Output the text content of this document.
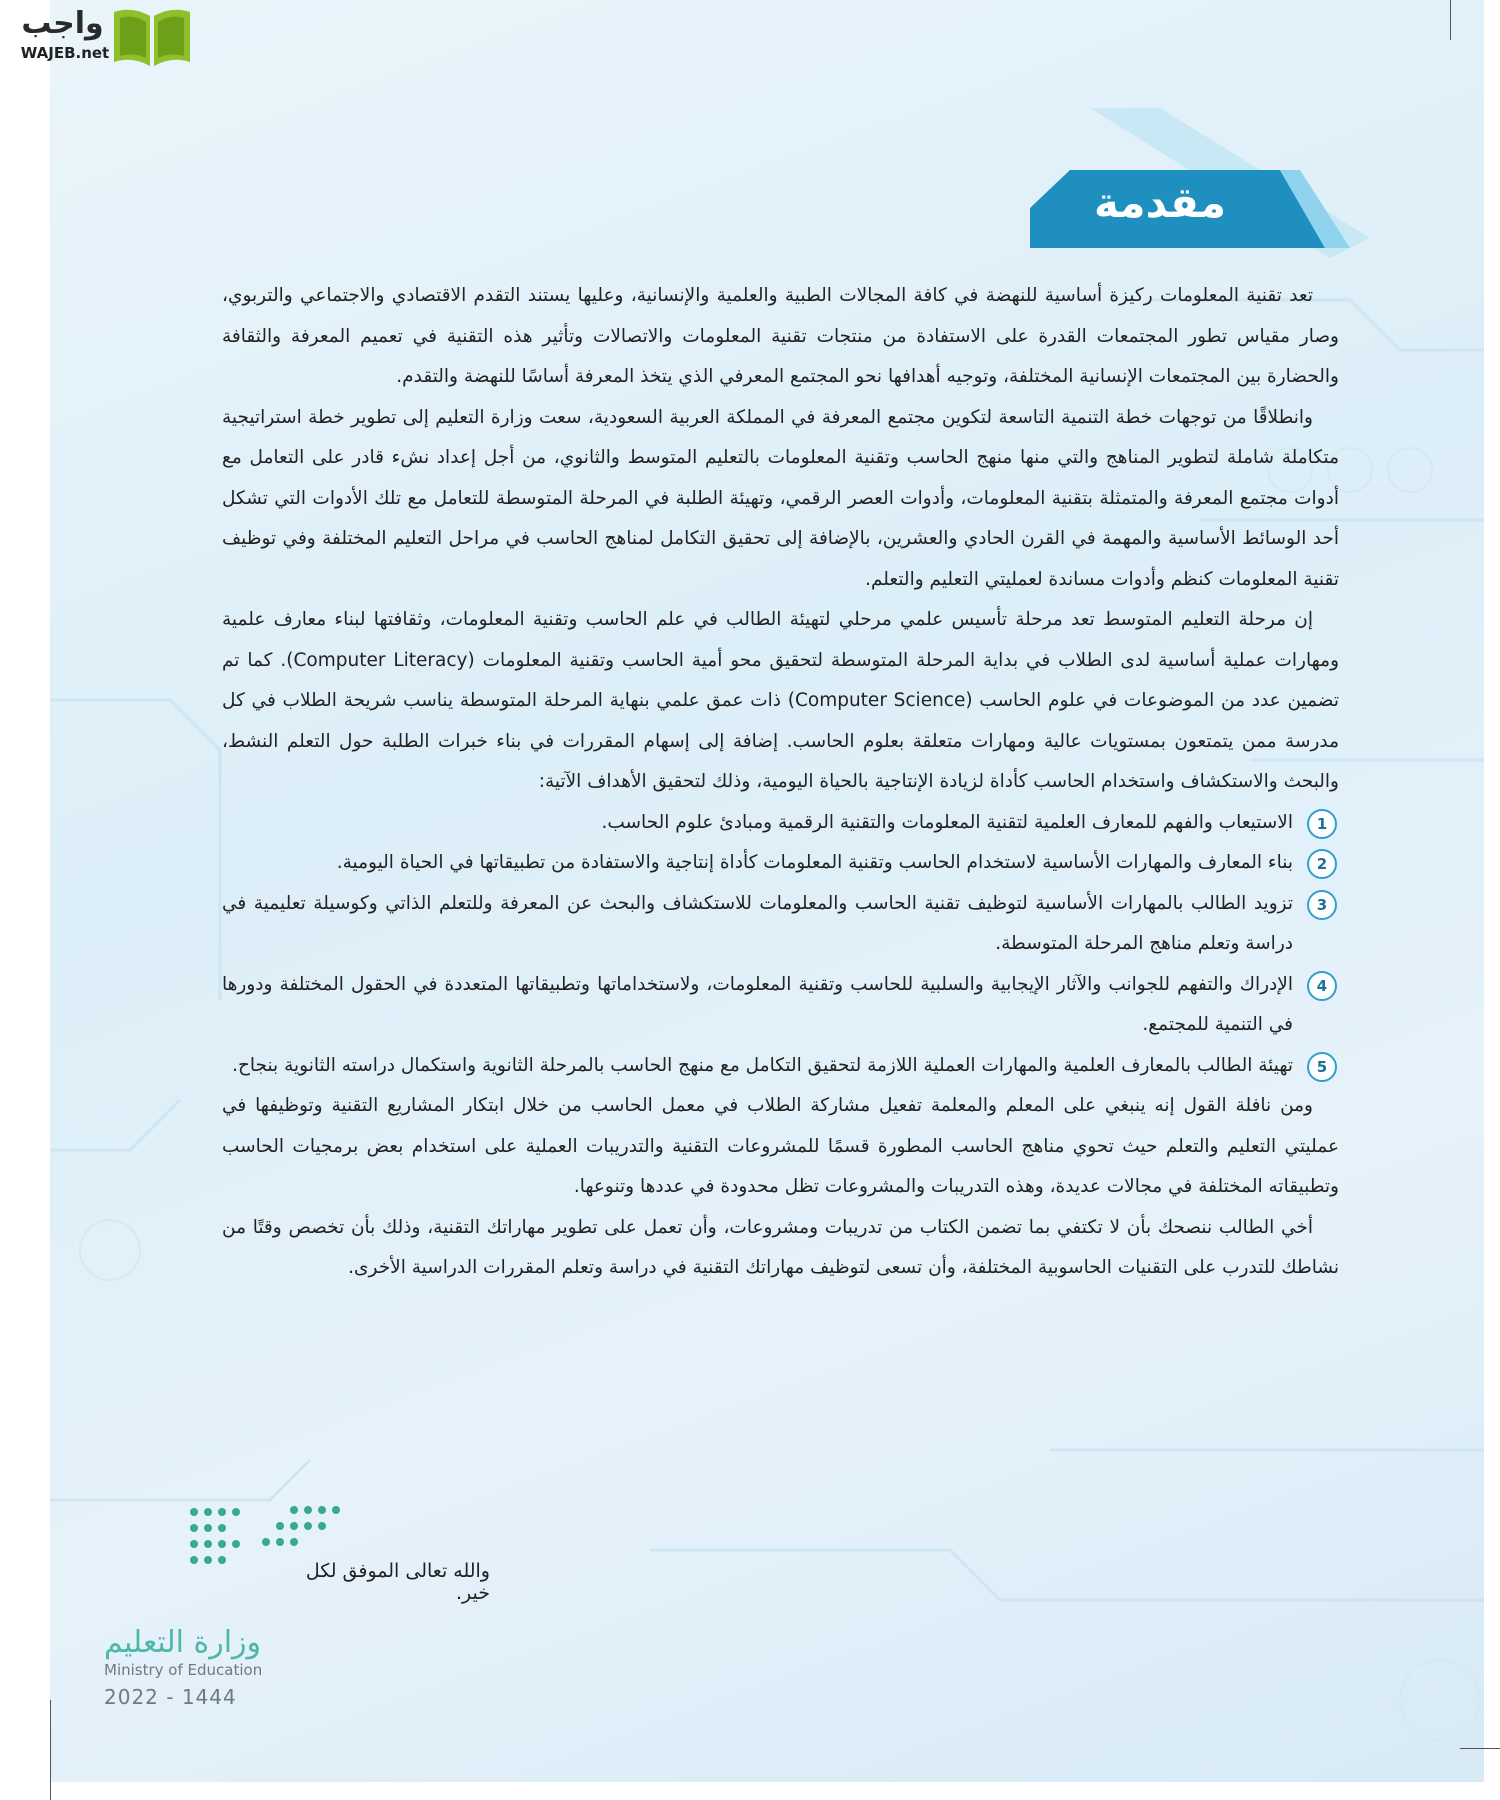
واجب
WAJEB.net
مقدمة

تعد تقنية المعلومات ركيزة أساسية للنهضة في كافة المجالات الطبية والعلمية والإنسانية، وعليها يستند التقدم الاقتصادي والاجتماعي والتربوي، وصار مقياس تطور المجتمعات القدرة على الاستفادة من منتجات تقنية المعلومات والاتصالات وتأثير هذه التقنية في تعميم المعرفة والثقافة والحضارة بين المجتمعات الإنسانية المختلفة، وتوجيه أهدافها نحو المجتمع المعرفي الذي يتخذ المعرفة أساسًا للنهضة والتقدم.

وانطلاقًا من توجهات خطة التنمية التاسعة لتكوين مجتمع المعرفة في المملكة العربية السعودية، سعت وزارة التعليم إلى تطوير خطة استراتيجية متكاملة شاملة لتطوير المناهج والتي منها منهج الحاسب وتقنية المعلومات بالتعليم المتوسط والثانوي، من أجل إعداد نشء قادر على التعامل مع أدوات مجتمع المعرفة والمتمثلة بتقنية المعلومات، وأدوات العصر الرقمي، وتهيئة الطلبة في المرحلة المتوسطة للتعامل مع تلك الأدوات التي تشكل أحد الوسائط الأساسية والمهمة في القرن الحادي والعشرين، بالإضافة إلى تحقيق التكامل لمناهج الحاسب في مراحل التعليم المختلفة وفي توظيف تقنية المعلومات كنظم وأدوات مساندة لعمليتي التعليم والتعلم.

إن مرحلة التعليم المتوسط تعد مرحلة تأسيس علمي مرحلي لتهيئة الطالب في علم الحاسب وتقنية المعلومات، وثقافتها لبناء معارف علمية ومهارات عملية أساسية لدى الطلاب في بداية المرحلة المتوسطة لتحقيق محو أمية الحاسب وتقنية المعلومات (Computer Literacy). كما تم تضمين عدد من الموضوعات في علوم الحاسب (Computer Science) ذات عمق علمي بنهاية المرحلة المتوسطة يناسب شريحة الطلاب في كل مدرسة ممن يتمتعون بمستويات عالية ومهارات متعلقة بعلوم الحاسب. إضافة إلى إسهام المقررات في بناء خبرات الطلبة حول التعلم النشط، والبحث والاستكشاف واستخدام الحاسب كأداة لزيادة الإنتاجية بالحياة اليومية، وذلك لتحقيق الأهداف الآتية:

1
الاستيعاب والفهم للمعارف العلمية لتقنية المعلومات والتقنية الرقمية ومبادئ علوم الحاسب.
2
بناء المعارف والمهارات الأساسية لاستخدام الحاسب وتقنية المعلومات كأداة إنتاجية والاستفادة من تطبيقاتها في الحياة اليومية.
3
تزويد الطالب بالمهارات الأساسية لتوظيف تقنية الحاسب والمعلومات للاستكشاف والبحث عن المعرفة وللتعلم الذاتي وكوسيلة تعليمية في دراسة وتعلم مناهج المرحلة المتوسطة.
4
الإدراك والتفهم للجوانب والآثار الإيجابية والسلبية للحاسب وتقنية المعلومات، ولاستخداماتها وتطبيقاتها المتعددة في الحقول المختلفة ودورها في التنمية للمجتمع.
5
تهيئة الطالب بالمعارف العلمية والمهارات العملية اللازمة لتحقيق التكامل مع منهج الحاسب بالمرحلة الثانوية واستكمال دراسته الثانوية بنجاح.

ومن نافلة القول إنه ينبغي على المعلم والمعلمة تفعيل مشاركة الطلاب في معمل الحاسب من خلال ابتكار المشاريع التقنية وتوظيفها في عمليتي التعليم والتعلم حيث تحوي مناهج الحاسب المطورة قسمًا للمشروعات التقنية والتدريبات العملية على استخدام بعض برمجيات الحاسب وتطبيقاته المختلفة في مجالات عديدة، وهذه التدريبات والمشروعات تظل محدودة في عددها وتنوعها.

أخي الطالب ننصحك بأن لا تكتفي بما تضمن الكتاب من تدريبات ومشروعات، وأن تعمل على تطوير مهاراتك التقنية، وذلك بأن تخصص وقتًا من نشاطك للتدرب على التقنيات الحاسوبية المختلفة، وأن تسعى لتوظيف مهاراتك التقنية في دراسة وتعلم المقررات الدراسية الأخرى.

والله تعالى الموفق لكل خير.
وزارة التعليم
Ministry of Education
2022 - 1444
